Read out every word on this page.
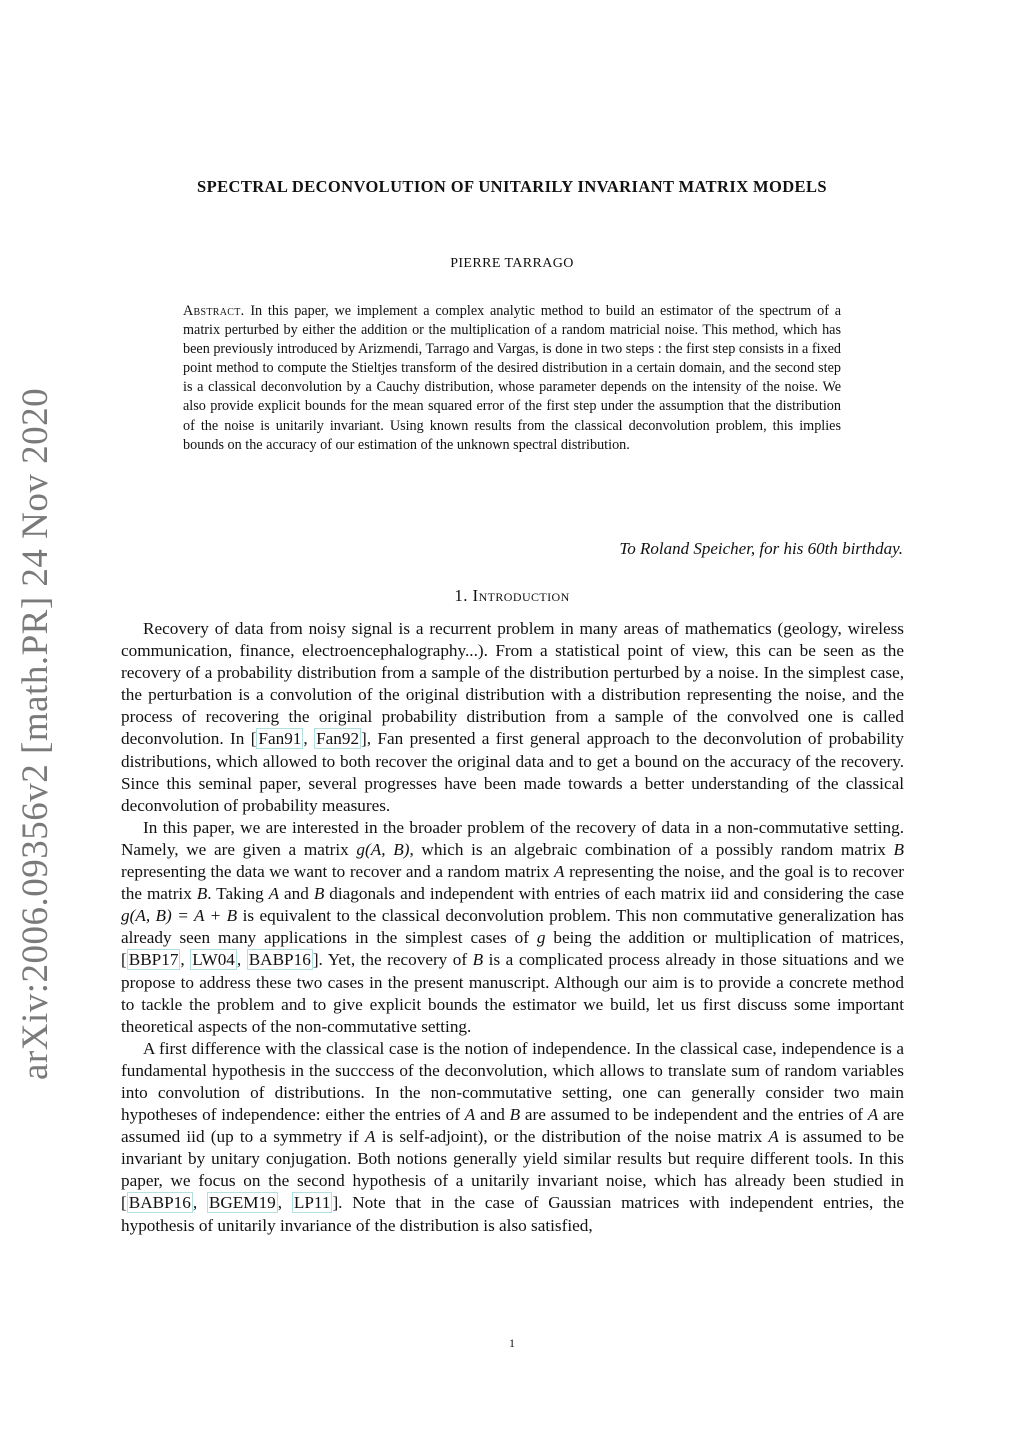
arXiv:2006.09356v2 [math.PR] 24 Nov 2020
SPECTRAL DECONVOLUTION OF UNITARILY INVARIANT MATRIX MODELS
PIERRE TARRAGO
Abstract. In this paper, we implement a complex analytic method to build an estimator of the spectrum of a matrix perturbed by either the addition or the multiplication of a random matricial noise. This method, which has been previously introduced by Arizmendi, Tarrago and Vargas, is done in two steps : the first step consists in a fixed point method to compute the Stieltjes transform of the desired distribution in a certain domain, and the second step is a classical deconvolution by a Cauchy distribution, whose parameter depends on the intensity of the noise. We also provide explicit bounds for the mean squared error of the first step under the assumption that the distribution of the noise is unitarily invariant. Using known results from the classical deconvolution problem, this implies bounds on the accuracy of our estimation of the unknown spectral distribution.
To Roland Speicher, for his 60th birthday.
1. Introduction

Recovery of data from noisy signal is a recurrent problem in many areas of mathematics (geology, wireless communication, finance, electroencephalography...). From a statistical point of view, this can be seen as the recovery of a probability distribution from a sample of the distribution perturbed by a noise. In the simplest case, the perturbation is a convolution of the original distribution with a distribution representing the noise, and the process of recovering the original probability distribution from a sample of the convolved one is called deconvolution. In [ Fan91 , Fan92 ], Fan presented a first general approach to the deconvolution of probability distributions, which allowed to both recover the original data and to get a bound on the accuracy of the recovery. Since this seminal paper, several progresses have been made towards a better understanding of the classical deconvolution of probability measures.

In this paper, we are interested in the broader problem of the recovery of data in a non-commutative setting. Namely, we are given a matrix g(A, B), which is an algebraic combination of a possibly random matrix B representing the data we want to recover and a random matrix A representing the noise, and the goal is to recover the matrix B. Taking A and B diagonals and independent with entries of each matrix iid and considering the case g(A, B) = A + B is equivalent to the classical deconvolution problem. This non commutative generalization has already seen many applications in the simplest cases of g being the addition or multiplication of matrices, [ BBP17 , LW04 , BABP16 ]. Yet, the recovery of B is a complicated process already in those situations and we propose to address these two cases in the present manuscript. Although our aim is to provide a concrete method to tackle the problem and to give explicit bounds the estimator we build, let us first discuss some important theoretical aspects of the non-commutative setting.

A first difference with the classical case is the notion of independence. In the classical case, independence is a fundamental hypothesis in the succcess of the deconvolution, which allows to translate sum of random variables into convolution of distributions. In the non-commutative setting, one can generally consider two main hypotheses of independence: either the entries of A and B are assumed to be independent and the entries of A are assumed iid (up to a symmetry if A is self-adjoint), or the distribution of the noise matrix A is assumed to be invariant by unitary conjugation. Both notions generally yield similar results but require different tools. In this paper, we focus on the second hypothesis of a unitarily invariant noise, which has already been studied in [ BABP16 , BGEM19 , LP11 ]. Note that in the case of Gaussian matrices with independent entries, the hypothesis of unitarily invariance of the distribution is also satisfied,

1
